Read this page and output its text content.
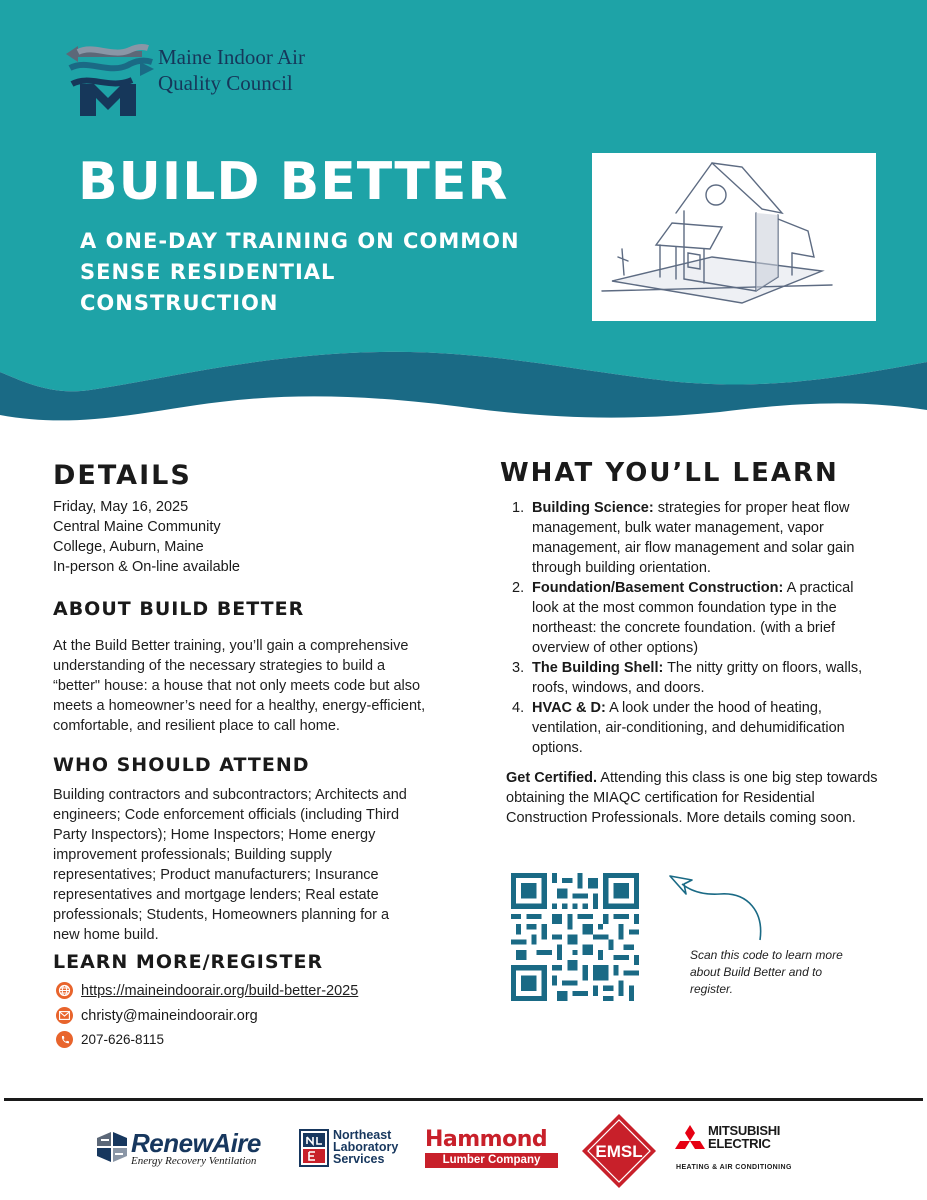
Maine Indoor Air
Quality Council
BUILD BETTER
A ONE-DAY TRAINING ON COMMON SENSE RESIDENTIAL CONSTRUCTION
DETAILS
Friday, May 16, 2025
Central Maine Community
College, Auburn, Maine
In-person & On-line available
ABOUT BUILD BETTER

At the Build Better training, you’ll gain a comprehensive understanding of the necessary strategies to build a “better" house: a house that not only meets code but also meets a homeowner’s need for a healthy, energy-efficient, comfortable, and resilient place to call home.

WHO SHOULD ATTEND

Building contractors and subcontractors; Architects and engineers; Code enforcement officials (including Third Party Inspectors); Home Inspectors; Home energy improvement professionals; Building supply representatives; Product manufacturers; Insurance representatives and mortgage lenders; Real estate professionals; Students, Homeowners planning for a new home build.

LEARN MORE/REGISTER
https://maineindoorair.org/build-better-2025
christy@maineindoorair.org
207-626-8115
WHAT YOU’LL LEARN
1. Building Science: strategies for proper heat flow management, bulk water management, vapor management, air flow management and solar gain through building orientation.
2. Foundation/Basement Construction: A practical look at the most common foundation type in the northeast: the concrete foundation. (with a brief overview of other options)
3. The Building Shell: The nitty gritty on floors, walls, roofs, windows, and doors.
4. HVAC & D: A look under the hood of heating, ventilation, air-conditioning, and dehumidification options.

Get Certified. Attending this class is one big step towards obtaining the MIAQC certification for Residential Construction Professionals. More details coming soon.

Scan this code to learn more about Build Better and to register.
RenewAire
Energy Recovery Ventilation
Northeast
Laboratory
Services
Hammond
Lumber Company	EMSL
MITSUBISHI
ELECTRIC
HEATING & AIR CONDITIONING
